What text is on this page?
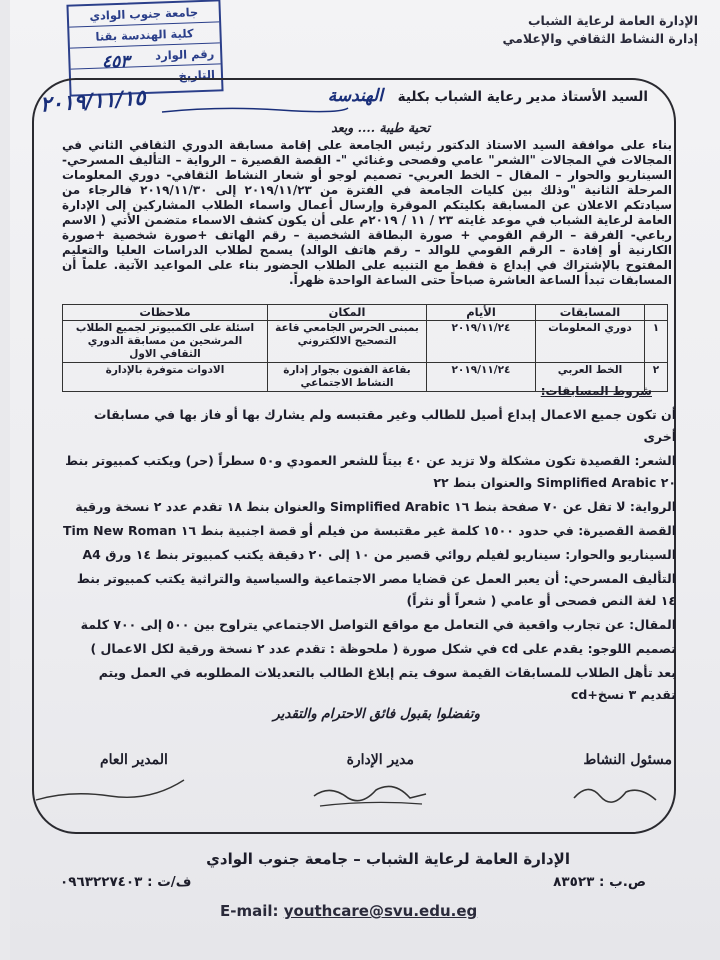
جامعة جنوب الوادي
كلية الهندسة بقنا
رقم الوارد
التاريخ
٤٥٣
٢٠١٩/١١/١٥
الإدارة العامة لرعاية الشباب
إدارة النشاط الثقافي والإعلامي
السيد الأستاذ مدير رعاية الشباب بكلية الهندسة
تحية طيبة .... وبعد
بناء على موافقة السيد الاستاذ الدكتور رئيس الجامعة على إقامة مسابقة الدوري الثقافي الثاني في المجالات في المجالات "الشعر" عامي وفصحى وغنائي "- القصة القصيرة – الرواية – التأليف المسرحي- السيناريو والحوار – المقال – الخط العربي- تصميم لوجو أو شعار النشاط الثقافي- دوري المعلومات المرحلة الثانية "وذلك بين كليات الجامعة في الفترة من ٢٠١٩/١١/٢٣ إلى ٢٠١٩/١١/٣٠ فالرجاء من سيادتكم الاعلان عن المسابقة بكليتكم الموقرة وإرسال أعمال واسماء الطلاب المشاركين إلى الإدارة العامة لرعاية الشباب في موعد غايته ٢٣ / ١١ / ٢٠١٩م على أن يكون كشف الاسماء متضمن الأتي ( الاسم رباعي- الفرقة – الرقم القومي + صورة البطاقة الشخصية – رقم الهاتف +صورة شخصية +صورة الكارنية أو إفادة – الرقم القومي للوالد – رقم هاتف الوالد) يسمح لطلاب الدراسات العليا والتعليم المفتوح بالإشتراك في إبداع ة فقط مع التنبيه على الطلاب الحضور بناء على المواعيد الآتية. علماً أن المسابقات تبدأ الساعة العاشرة صباحاً حتى الساعة الواحدة ظهراً.
	المسابقات	الأيام	المكان	ملاحظات
١	دوري المعلومات	٢٠١٩/١١/٢٤	بمبنى الحرس الجامعي قاعة التصحيح الالكتروني	اسئلة على الكمبيوتر لجميع الطلاب المرشحين من مسابقة الدوري الثقافي الاول
٢	الخط العربي	٢٠١٩/١١/٢٤	بقاعة الفنون بجوار إدارة النشاط الاجتماعي	الادوات متوفرة بالإدارة
شروط المسابقات:

أن تكون جميع الاعمال إبداع أصيل للطالب وغير مقتبسه ولم يشارك بها أو فاز بها في مسابقات أخرى

الشعر: القصيدة تكون مشكلة ولا تزيد عن ٤٠ بيتاً للشعر العمودي و٥٠ سطراً (حر) ويكتب كمبيوتر بنط ٢٠ Simplified Arabic والعنوان بنط ٢٢

الرواية: لا تقل عن ٧٠ صفحة بنط ١٦ Simplified Arabic والعنوان بنط ١٨ تقدم عدد ٢ نسخة ورقية

القصة القصيرة: في حدود ١٥٠٠ كلمة غير مقتبسة من فيلم أو قصة اجنبية بنط ١٦ Tim New Roman

السيناريو والحوار: سيناريو لفيلم روائي قصير من ١٠ إلى ٢٠ دقيقة يكتب كمبيوتر بنط ١٤ ورق A4

التأليف المسرحي: أن يعبر العمل عن قضايا مصر الاجتماعية والسياسية والتراثية يكتب كمبيوتر بنط ١٤ لغة النص فصحى أو عامي ( شعراً أو نثراً)

المقال: عن تجارب واقعية في التعامل مع مواقع التواصل الاجتماعي يتراوح بين ٥٠٠ إلى ٧٠٠ كلمة

تصميم اللوجو: يقدم على cd في شكل صورة ( ملحوظة : تقدم عدد ٢ نسخة ورقية لكل الاعمال )

بعد تأهل الطلاب للمسابقات القيمة سوف يتم إبلاغ الطالب بالتعديلات المطلوبه في العمل ويتم تقديم ٣ نسخ+cd

وتفضلوا بقبول فائق الاحترام والتقدير
مسئول النشاط
مدير الإدارة
المدير العام
الإدارة العامة لرعاية الشباب – جامعة جنوب الوادي
ص.ب : ٨٣٥٢٣
ف/ت : ٠٩٦٣٢٢٧٤٠٣
E-mail: youthcare@svu.edu.eg
